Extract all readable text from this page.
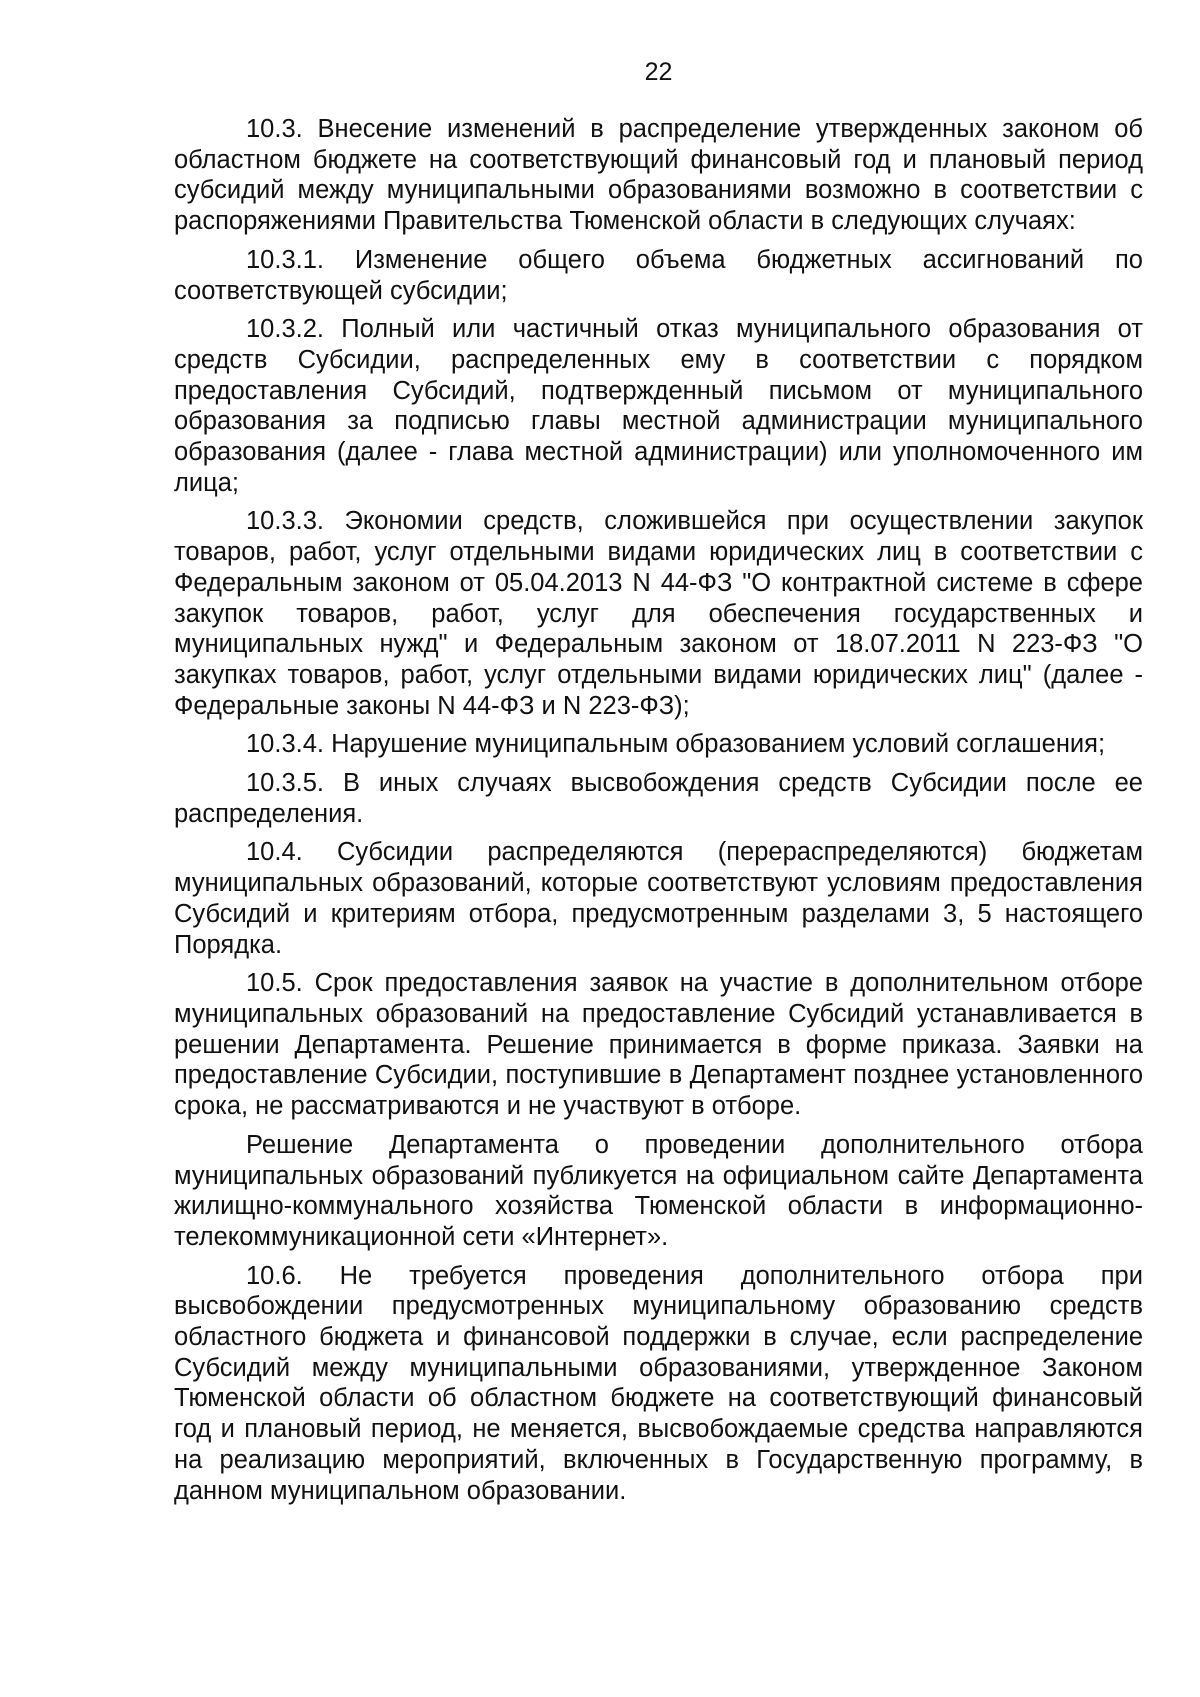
22

10.3. Внесение изменений в распределение утвержденных законом об областном бюджете на соответствующий финансовый год и плановый период субсидий между муниципальными образованиями возможно в соответствии с распоряжениями Правительства Тюменской области в следующих случаях:

10.3.1. Изменение общего объема бюджетных ассигнований по соответствующей субсидии;

10.3.2. Полный или частичный отказ муниципального образования от средств Субсидии, распределенных ему в соответствии с порядком предоставления Субсидий, подтвержденный письмом от муниципального образования за подписью главы местной администрации муниципального образования (далее - глава местной администрации) или уполномоченного им лица;

10.3.3. Экономии средств, сложившейся при осуществлении закупок товаров, работ, услуг отдельными видами юридических лиц в соответствии с Федеральным законом от 05.04.2013 N 44-ФЗ "О контрактной системе в сфере закупок товаров, работ, услуг для обеспечения государственных и муниципальных нужд" и Федеральным законом от 18.07.2011 N 223-ФЗ "О закупках товаров, работ, услуг отдельными видами юридических лиц" (далее - Федеральные законы N 44-ФЗ и N 223-ФЗ);

10.3.4. Нарушение муниципальным образованием условий соглашения;

10.3.5. В иных случаях высвобождения средств Субсидии после ее распределения.

10.4. Субсидии распределяются (перераспределяются) бюджетам муниципальных образований, которые соответствуют условиям предоставления Субсидий и критериям отбора, предусмотренным разделами 3, 5 настоящего Порядка.

10.5. Срок предоставления заявок на участие в дополнительном отборе муниципальных образований на предоставление Субсидий устанавливается в решении Департамента. Решение принимается в форме приказа. Заявки на предоставление Субсидии, поступившие в Департамент позднее установленного срока, не рассматриваются и не участвуют в отборе.

Решение Департамента о проведении дополнительного отбора муниципальных образований публикуется на официальном сайте Департамента жилищно-коммунального хозяйства Тюменской области в информационно-телекоммуникационной сети «Интернет».

10.6. Не требуется проведения дополнительного отбора при высвобождении предусмотренных муниципальному образованию средств областного бюджета и финансовой поддержки в случае, если распределение Субсидий между муниципальными образованиями, утвержденное Законом Тюменской области об областном бюджете на соответствующий финансовый год и плановый период, не меняется, высвобождаемые средства направляются на реализацию мероприятий, включенных в Государственную программу, в данном муниципальном образовании.
